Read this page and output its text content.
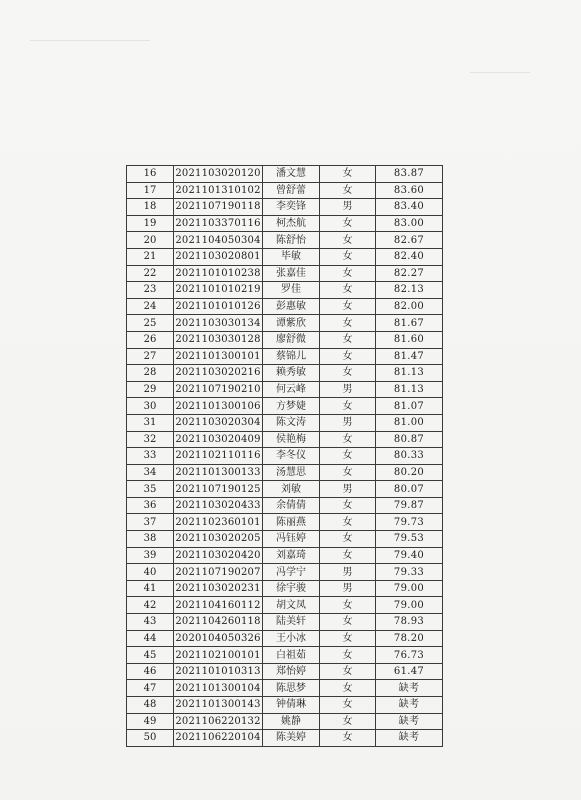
16	2021103020120	潘文慧	女	83.87
17	2021101310102	曾舒蕾	女	83.60
18	2021107190118	李奕锋	男	83.40
19	2021103370116	柯杰航	女	83.00
20	2021104050304	陈舒怡	女	82.67
21	2021103020801	毕敏	女	82.40
22	2021101010238	张嘉佳	女	82.27
23	2021101010219	罗佳	女	82.13
24	2021101010126	彭惠敏	女	82.00
25	2021103030134	谭紫欣	女	81.67
26	2021103030128	廖舒微	女	81.60
27	2021101300101	蔡锦儿	女	81.47
28	2021103020216	赖秀敏	女	81.13
29	2021107190210	何云峰	男	81.13
30	2021101300106	方梦婕	女	81.07
31	2021103020304	陈文涛	男	81.00
32	2021103020409	侯艳梅	女	80.87
33	2021102110116	李冬仪	女	80.33
34	2021101300133	汤慧思	女	80.20
35	2021107190125	刘敏	男	80.07
36	2021103020433	余倩倩	女	79.87
37	2021102360101	陈丽燕	女	79.73
38	2021103020205	冯钰婷	女	79.53
39	2021103020420	刘嘉琦	女	79.40
40	2021107190207	冯学宁	男	79.33
41	2021103020231	徐宇骏	男	79.00
42	2021104160112	胡文凤	女	79.00
43	2021104260118	陆美轩	女	78.93
44	2020104050326	王小冰	女	78.20
45	2021102100101	白祖茹	女	76.73
46	2021101010313	郑怡婷	女	61.47
47	2021101300104	陈思梦	女	缺考
48	2021101300143	钟倩琳	女	缺考
49	2021106220132	姚静	女	缺考
50	2021106220104	陈美婷	女	缺考
